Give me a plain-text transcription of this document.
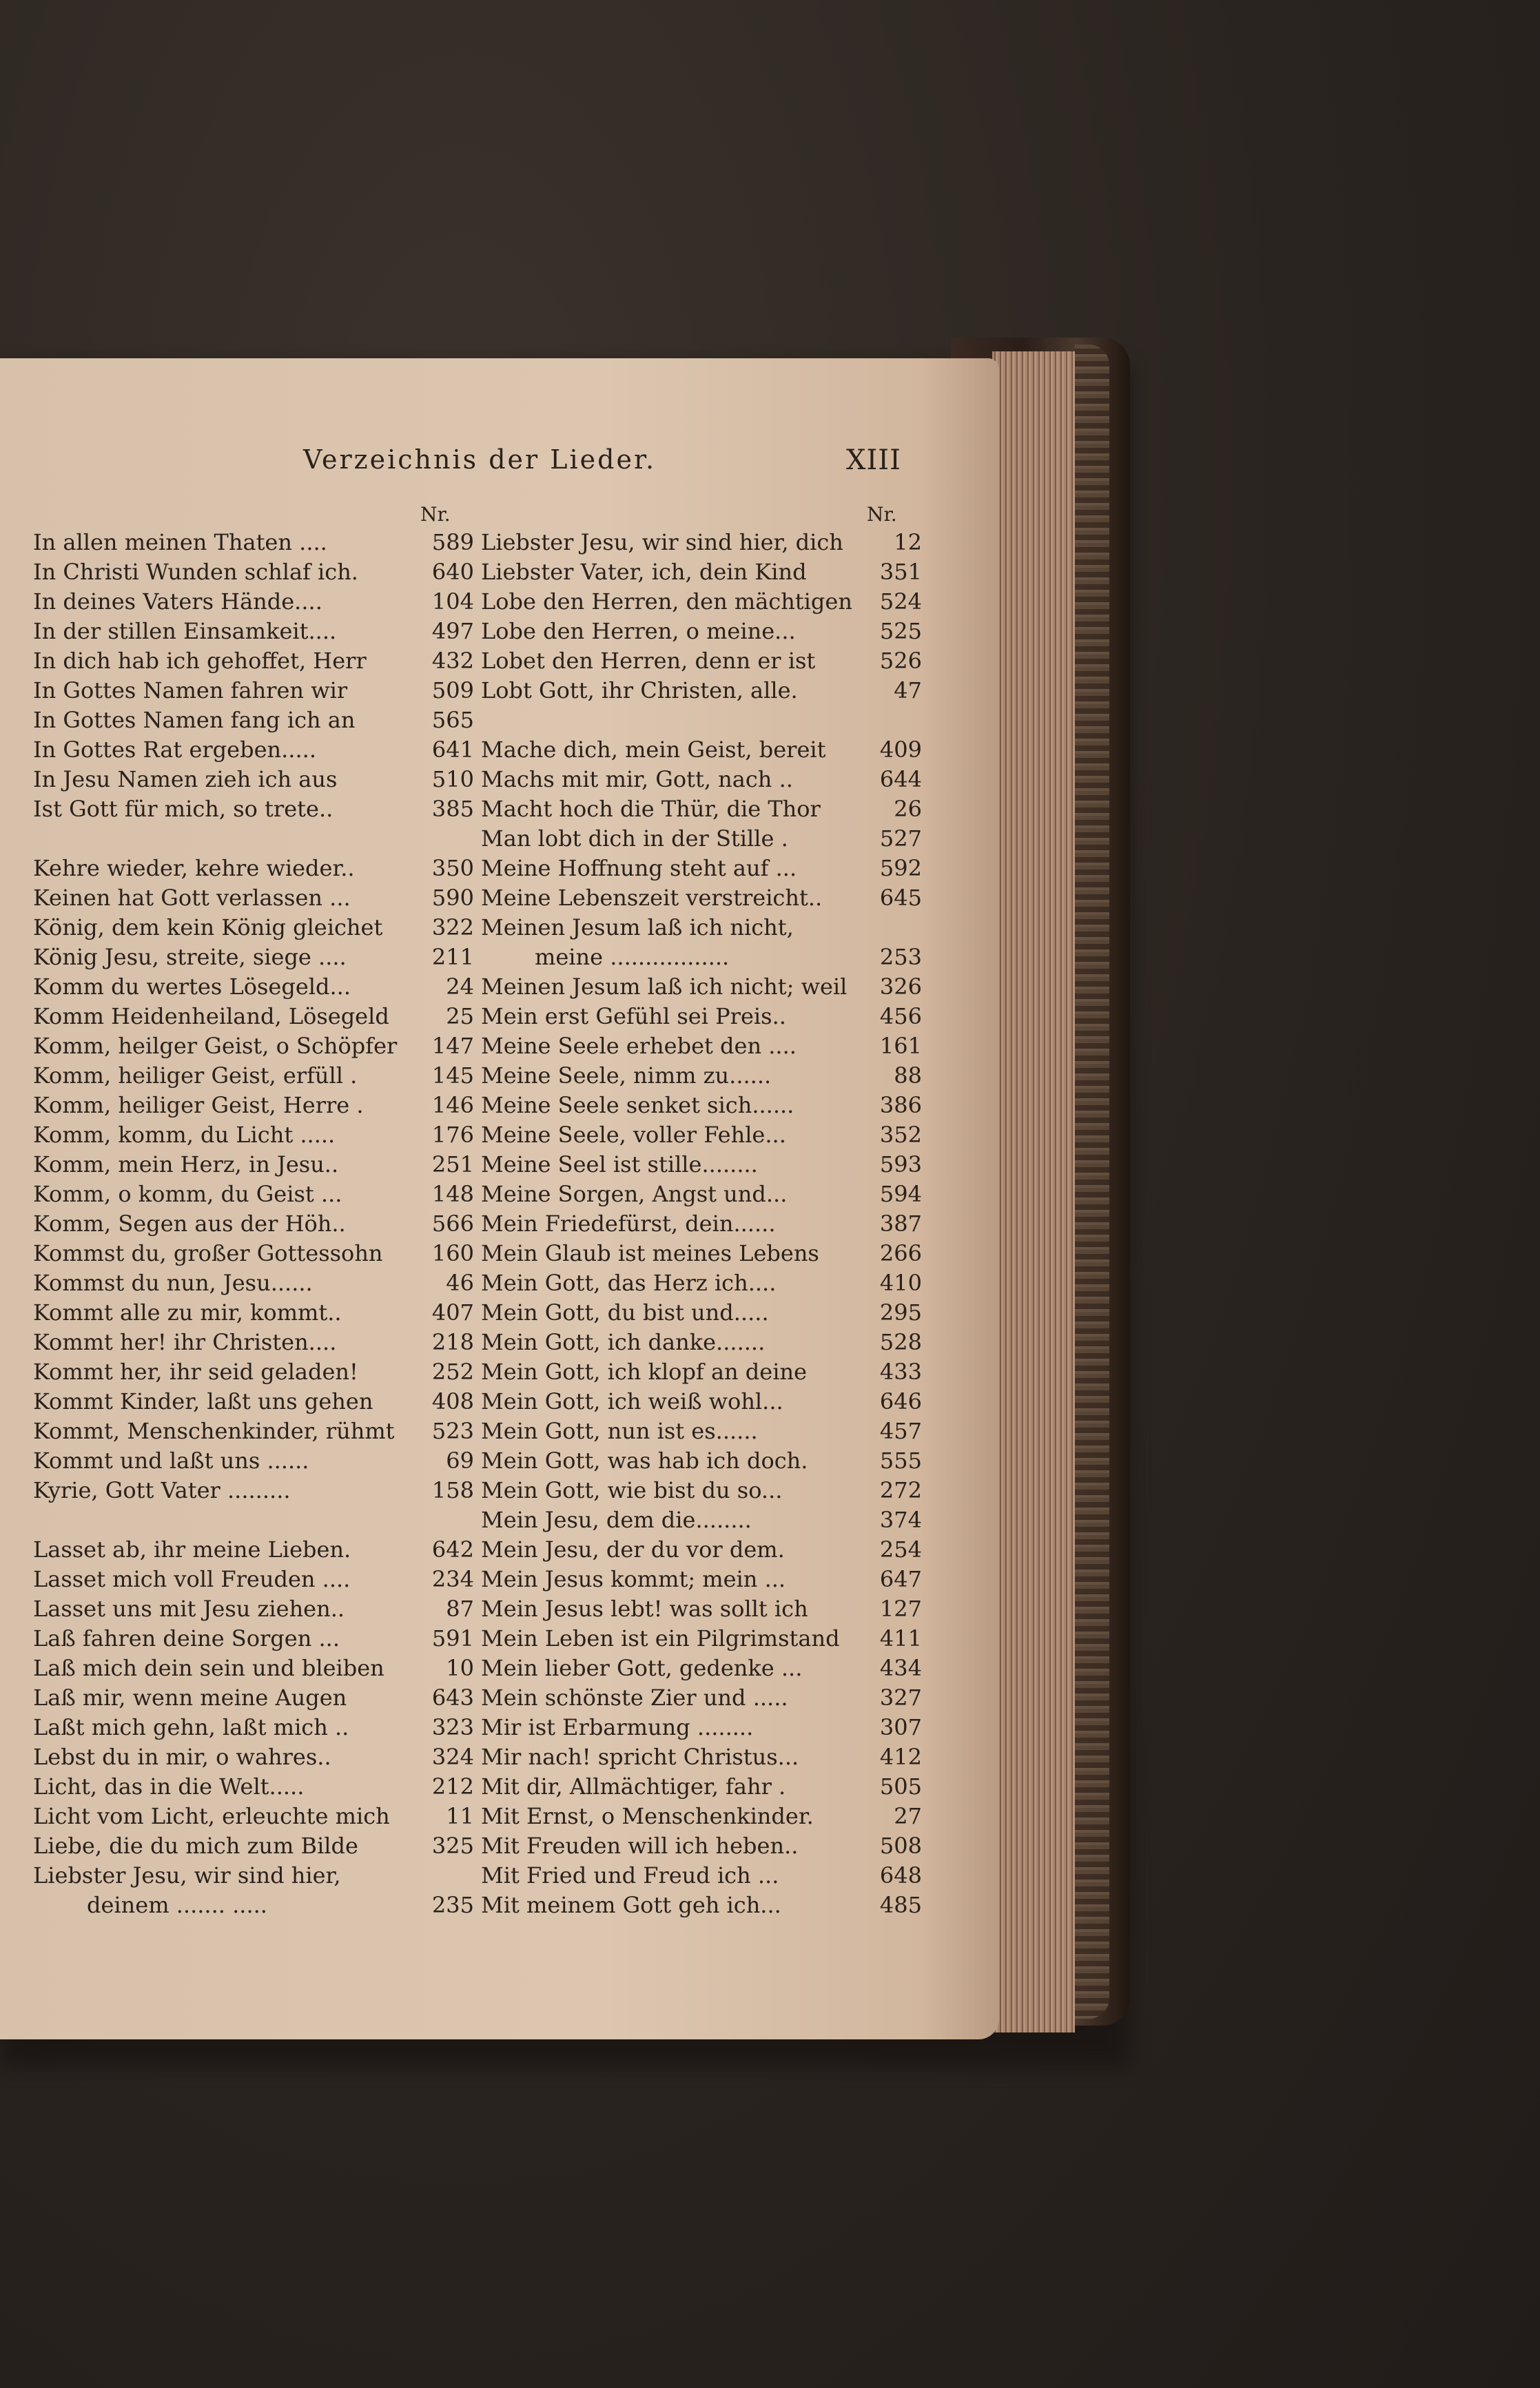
Verzeichnis der Lieder.	XIII
Nr.
In allen meinen Thaten ....	589
In Christi Wunden schlaf ich.	640
In deines Vaters Hände....	104
In der stillen Einsamkeit....	497
In dich hab ich gehoffet, Herr	432
In Gottes Namen fahren wir	509
In Gottes Namen fang ich an	565
In Gottes Rat ergeben.....	641
In Jesu Namen zieh ich aus	510
Ist Gott für mich, so trete..	385
Kehre wieder, kehre wieder..	350
Keinen hat Gott verlassen ...	590
König, dem kein König gleichet 322
König Jesu, streite, siege ....	211
Komm du wertes Lösegeld...	24
Komm Heidenheiland, Lösegeld	25
Komm, heilger Geist, o Schöpfer 147
Komm, heiliger Geist, erfüll .	145
Komm, heiliger Geist, Herre .	146
Komm, komm, du Licht .....	176
Komm, mein Herz, in Jesu..	251
Komm, o komm, du Geist ...	148
Komm, Segen aus der Höh..	566
Kommst du, großer Gottessohn 160
Kommst du nun, Jesu......	46
Kommt alle zu mir, kommt..	407
Kommt her! ihr Christen....	218
Kommt her, ihr seid geladen!	252
Kommt Kinder, laßt uns gehen	408
Kommt, Menschenkinder, rühmt 523
Kommt und laßt uns ......	69
Kyrie, Gott Vater .........	158
Lasset ab, ihr meine Lieben.	642
Lasset mich voll Freuden ....	234
Lasset uns mit Jesu ziehen..	87
Laß fahren deine Sorgen ...	591
Laß mich dein sein und bleiben	10
Laß mir, wenn meine Augen	643
Laßt mich gehn, laßt mich ..	323
Lebst du in mir, o wahres..	324
Licht, das in die Welt.....	212
Licht vom Licht, erleuchte mich	11
Liebe, die du mich zum Bilde	325
Liebster Jesu, wir sind hier,
deinem ....... .....	235
Nr.
Liebster Jesu, wir sind hier, dich 12
Liebster Vater, ich, dein Kind	351
Lobe den Herren, den mächtigen 524
Lobe den Herren, o meine...	525
Lobet den Herren, denn er ist	526
Lobt Gott, ihr Christen, alle.	47
Mache dich, mein Geist, bereit 409
Machs mit mir, Gott, nach ..	644
Macht hoch die Thür, die Thor	26
Man lobt dich in der Stille .	527
Meine Hoffnung steht auf ...	592
Meine Lebenszeit verstreicht..	645
Meinen Jesum laß ich nicht,
meine .................	253
Meinen Jesum laß ich nicht; weil 326
Mein erst Gefühl sei Preis..	456
Meine Seele erhebet den ....	161
Meine Seele, nimm zu......	88
Meine Seele senket sich......	386
Meine Seele, voller Fehle...	352
Meine Seel ist stille........	593
Meine Sorgen, Angst und...	594
Mein Friedefürst, dein......	387
Mein Glaub ist meines Lebens	266
Mein Gott, das Herz ich....	410
Mein Gott, du bist und.....	295
Mein Gott, ich danke.......	528
Mein Gott, ich klopf an deine	433
Mein Gott, ich weiß wohl...	646
Mein Gott, nun ist es......	457
Mein Gott, was hab ich doch.	555
Mein Gott, wie bist du so...	272
Mein Jesu, dem die........	374
Mein Jesu, der du vor dem.	254
Mein Jesus kommt; mein ...	647
Mein Jesus lebt! was sollt ich	127
Mein Leben ist ein Pilgrimstand 411
Mein lieber Gott, gedenke ...	434
Mein schönste Zier und .....	327
Mir ist Erbarmung ........	307
Mir nach! spricht Christus...	412
Mit dir, Allmächtiger, fahr .	505
Mit Ernst, o Menschenkinder.	27
Mit Freuden will ich heben..	508
Mit Fried und Freud ich ...	648
Mit meinem Gott geh ich...	485
